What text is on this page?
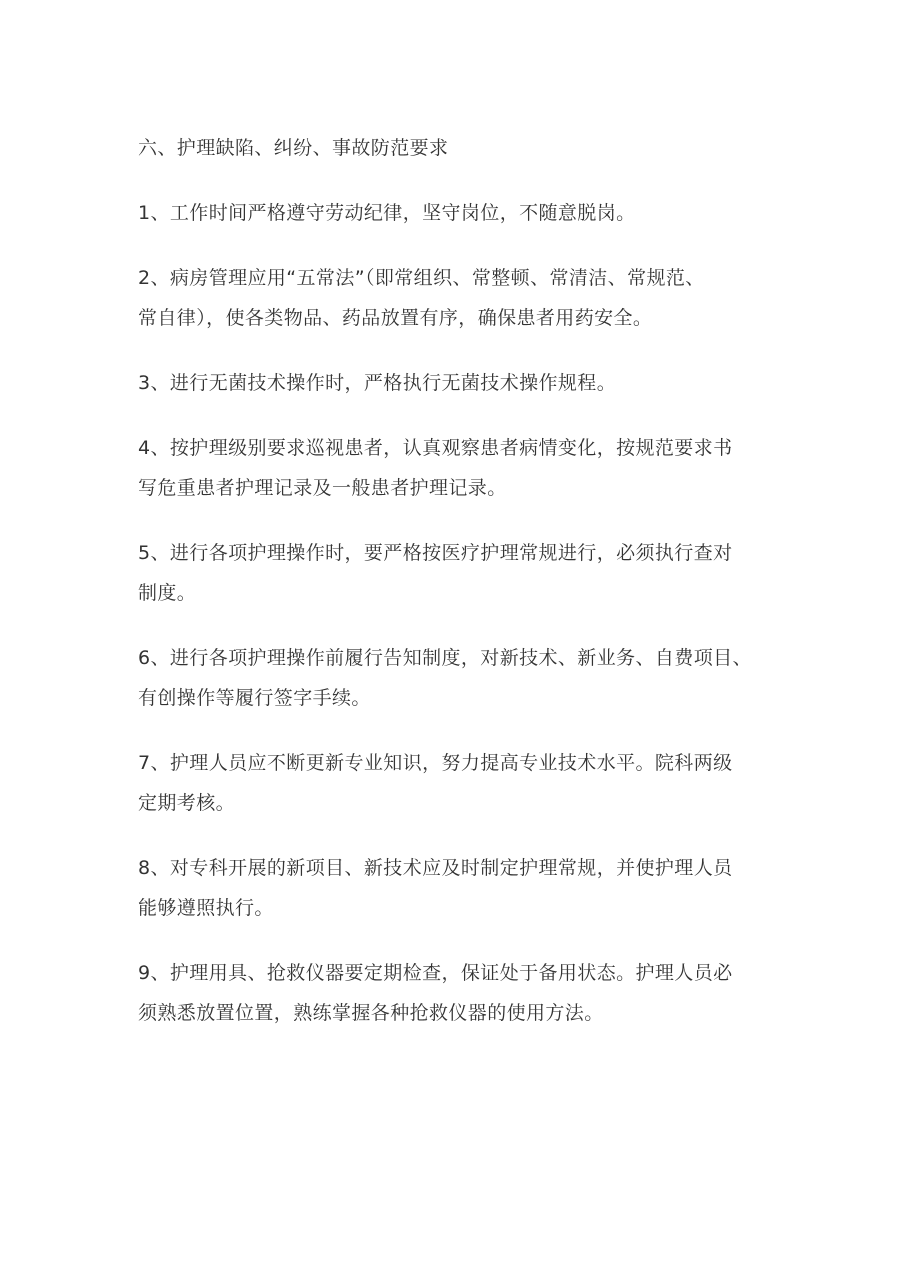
六、护理缺陷、纠纷、事故防范要求
1、工作时间严格遵守劳动纪律，坚守岗位，不随意脱岗。
2、病房管理应用“五常法”（即常组织、常整顿、常清洁、常规范、
常自律），使各类物品、药品放置有序，确保患者用药安全。
3、进行无菌技术操作时，严格执行无菌技术操作规程。
4、按护理级别要求巡视患者，认真观察患者病情变化，按规范要求书
写危重患者护理记录及一般患者护理记录。
5、进行各项护理操作时，要严格按医疗护理常规进行，必须执行查对
制度。
6、进行各项护理操作前履行告知制度，对新技术、新业务、自费项目、
有创操作等履行签字手续。
7、护理人员应不断更新专业知识，努力提高专业技术水平。院科两级
定期考核。
8、对专科开展的新项目、新技术应及时制定护理常规，并使护理人员
能够遵照执行。
9、护理用具、抢救仪器要定期检查，保证处于备用状态。护理人员必
须熟悉放置位置，熟练掌握各种抢救仪器的使用方法。
